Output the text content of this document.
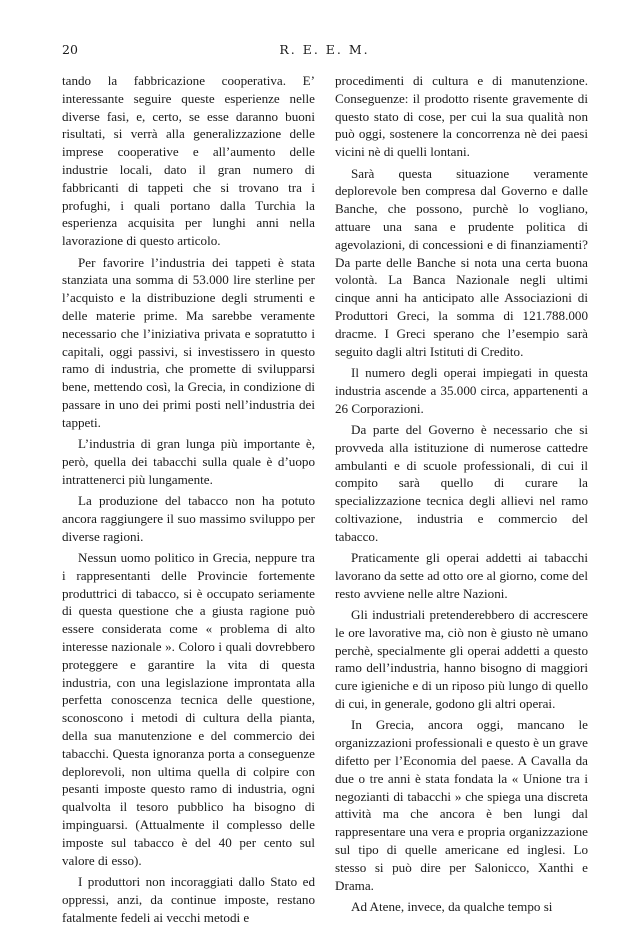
20	R. E. E. M.

tando la fabbricazione cooperativa. E’ interessante seguire queste esperienze nelle diverse fasi, e, certo, se esse daranno buoni risultati, si verrà alla generalizzazione delle imprese cooperative e all’aumento delle industrie locali, dato il gran numero di fabbricanti di tappeti che si trovano tra i profughi, i quali portano dalla Turchia la esperienza acquisita per lunghi anni nella lavorazione di questo articolo.

Per favorire l’industria dei tappeti è stata stanziata una somma di 53.000 lire sterline per l’acquisto e la distribuzione degli strumenti e delle materie prime. Ma sarebbe veramente necessario che l’iniziativa privata e sopratutto i capitali, oggi passivi, si investissero in questo ramo di industria, che promette di svilupparsi bene, mettendo così, la Grecia, in condizione di passare in uno dei primi posti nell’industria dei tappeti.

L’industria di gran lunga più importante è, però, quella dei tabacchi sulla quale è d’uopo intrattenerci più lungamente.

La produzione del tabacco non ha potuto ancora raggiungere il suo massimo sviluppo per diverse ragioni.

Nessun uomo politico in Grecia, neppure tra i rappresentanti delle Provincie fortemente produttrici di tabacco, si è occupato seriamente di questa questione che a giusta ragione può essere considerata come « problema di alto interesse nazionale ». Coloro i quali dovrebbero proteggere e garantire la vita di questa industria, con una legislazione improntata alla perfetta conoscenza tecnica delle questione, sconoscono i metodi di cultura della pianta, della sua manutenzione e del commercio dei tabacchi. Questa ignoranza porta a conseguenze deplorevoli, non ultima quella di colpire con pesanti imposte questo ramo di industria, ogni qualvolta il tesoro pubblico ha bisogno di impinguarsi. (Attualmente il complesso delle imposte sul tabacco è del 40 per cento sul valore di esso).

I produttori non incoraggiati dallo Stato ed oppressi, anzi, da continue imposte, restano fatalmente fedeli ai vecchi metodi e

procedimenti di cultura e di manutenzione. Conseguenze: il prodotto risente gravemente di questo stato di cose, per cui la sua qualità non può oggi, sostenere la concorrenza nè dei paesi vicini nè di quelli lontani.

Sarà questa situazione veramente deplorevole ben compresa dal Governo e dalle Banche, che possono, purchè lo vogliano, attuare una sana e prudente politica di agevolazioni, di concessioni e di finanziamenti? Da parte delle Banche si nota una certa buona volontà. La Banca Nazionale negli ultimi cinque anni ha anticipato alle Associazioni di Produttori Greci, la somma di 121.788.000 dracme. I Greci sperano che l’esempio sarà seguito dagli altri Istituti di Credito.

Il numero degli operai impiegati in questa industria ascende a 35.000 circa, appartenenti a 26 Corporazioni.

Da parte del Governo è necessario che si provveda alla istituzione di numerose cattedre ambulanti e di scuole professionali, di cui il compito sarà quello di curare la specializzazione tecnica degli allievi nel ramo coltivazione, industria e commercio del tabacco.

Praticamente gli operai addetti ai tabacchi lavorano da sette ad otto ore al giorno, come del resto avviene nelle altre Nazioni.

Gli industriali pretenderebbero di accrescere le ore lavorative ma, ciò non è giusto nè umano perchè, specialmente gli operai addetti a questo ramo dell’industria, hanno bisogno di maggiori cure igieniche e di un riposo più lungo di quello di cui, in generale, godono gli altri operai.

In Grecia, ancora oggi, mancano le organizzazioni professionali e questo è un grave difetto per l’Economia del paese. A Cavalla da due o tre anni è stata fondata la « Unione tra i negozianti di tabacchi » che spiega una discreta attività ma che ancora è ben lungi dal rappresentare una vera e propria organizzazione sul tipo di quelle americane ed inglesi. Lo stesso si può dire per Salonicco, Xanthi e Drama.

Ad Atene, invece, da qualche tempo si
